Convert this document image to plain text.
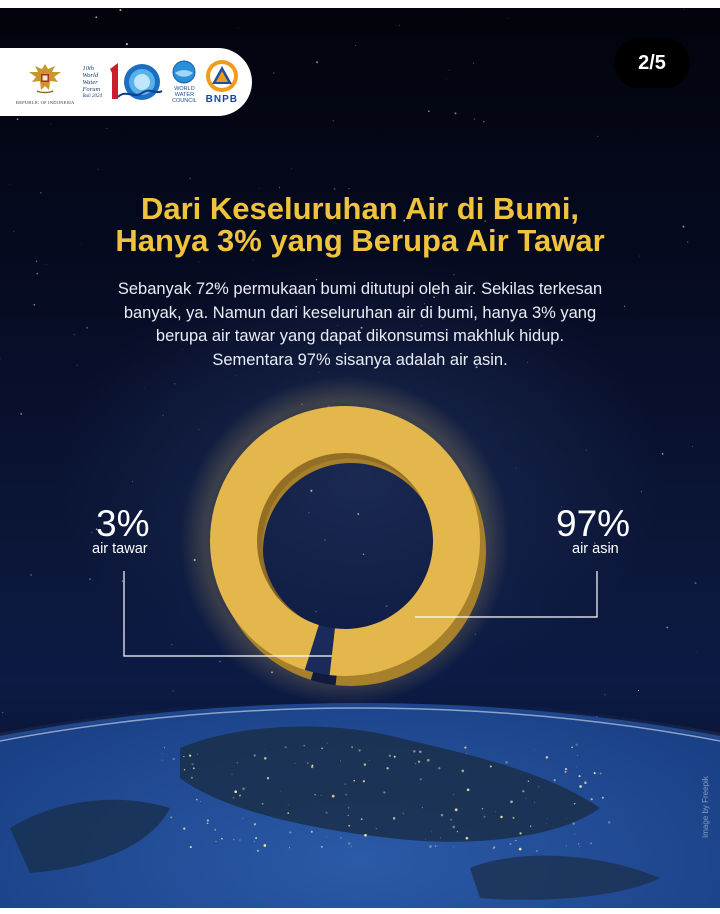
REPUBLIC OF INDONESIA
10th
World
Water
Forum
Bali 2024
WORLD
WATER
COUNCIL BNPB
2/5
Dari Keseluruhan Air di Bumi,
Hanya 3% yang Berupa Air Tawar
Sebanyak 72% permukaan bumi ditutupi oleh air. Sekilas terkesan
banyak, ya. Namun dari keseluruhan air di bumi, hanya 3% yang
berupa air tawar yang dapat dikonsumsi makhluk hidup.
Sementara 97% sisanya adalah air asin.
3%
air tawar
97%
air asin
Image by Freepik
